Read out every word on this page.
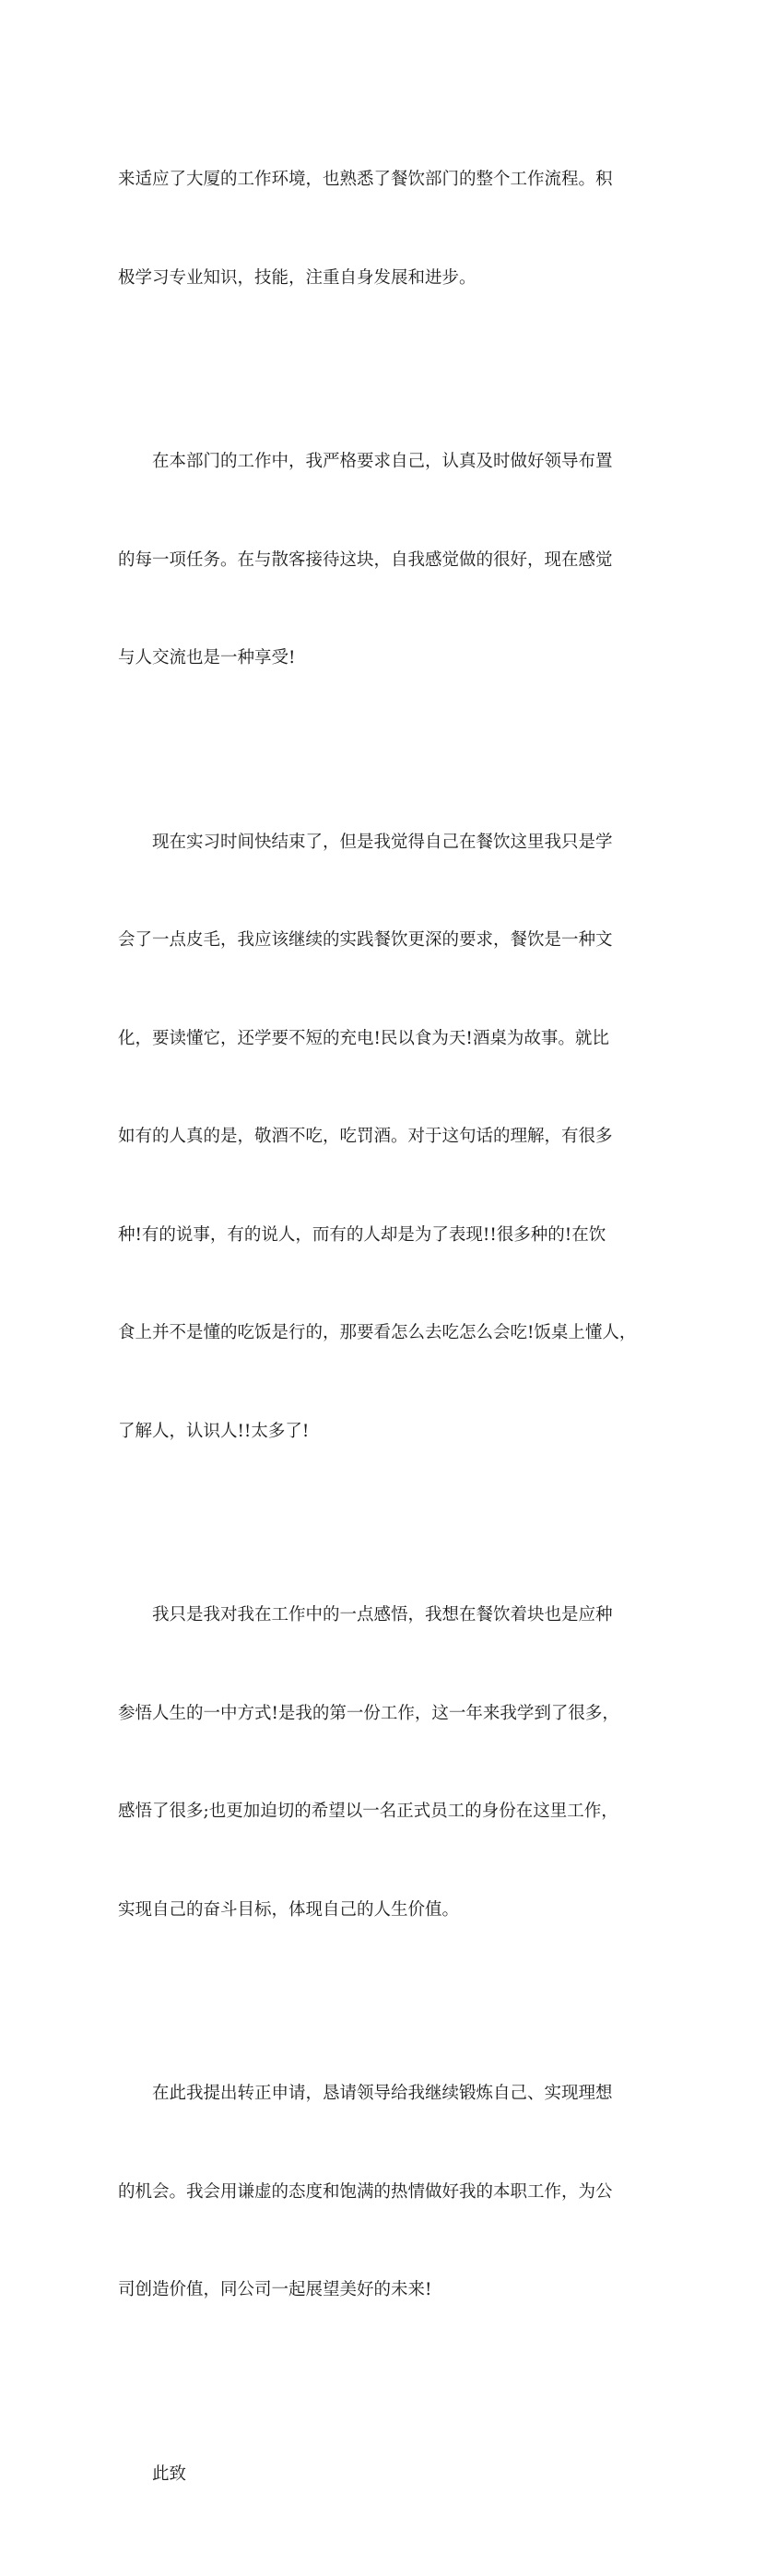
来适应了大厦的工作环境，也熟悉了餐饮部门的整个工作流程。积

极学习专业知识，技能，注重自身发展和进步。

在本部门的工作中，我严格要求自己，认真及时做好领导布置

的每一项任务。在与散客接待这块，自我感觉做的很好，现在感觉

与人交流也是一种享受!

现在实习时间快结束了，但是我觉得自己在餐饮这里我只是学

会了一点皮毛，我应该继续的实践餐饮更深的要求，餐饮是一种文

化，要读懂它，还学要不短的充电!民以食为天!酒桌为故事。就比

如有的人真的是，敬酒不吃，吃罚酒。对于这句话的理解，有很多

种!有的说事，有的说人，而有的人却是为了表现!!很多种的!在饮

食上并不是懂的吃饭是行的，那要看怎么去吃怎么会吃!饭桌上懂人，

了解人，认识人!!太多了!

我只是我对我在工作中的一点感悟，我想在餐饮着块也是应种

参悟人生的一中方式!是我的第一份工作，这一年来我学到了很多，

感悟了很多;也更加迫切的希望以一名正式员工的身份在这里工作，

实现自己的奋斗目标，体现自己的人生价值。

在此我提出转正申请，恳请领导给我继续锻炼自己、实现理想

的机会。我会用谦虚的态度和饱满的热情做好我的本职工作，为公

司创造价值，同公司一起展望美好的未来!

此致
